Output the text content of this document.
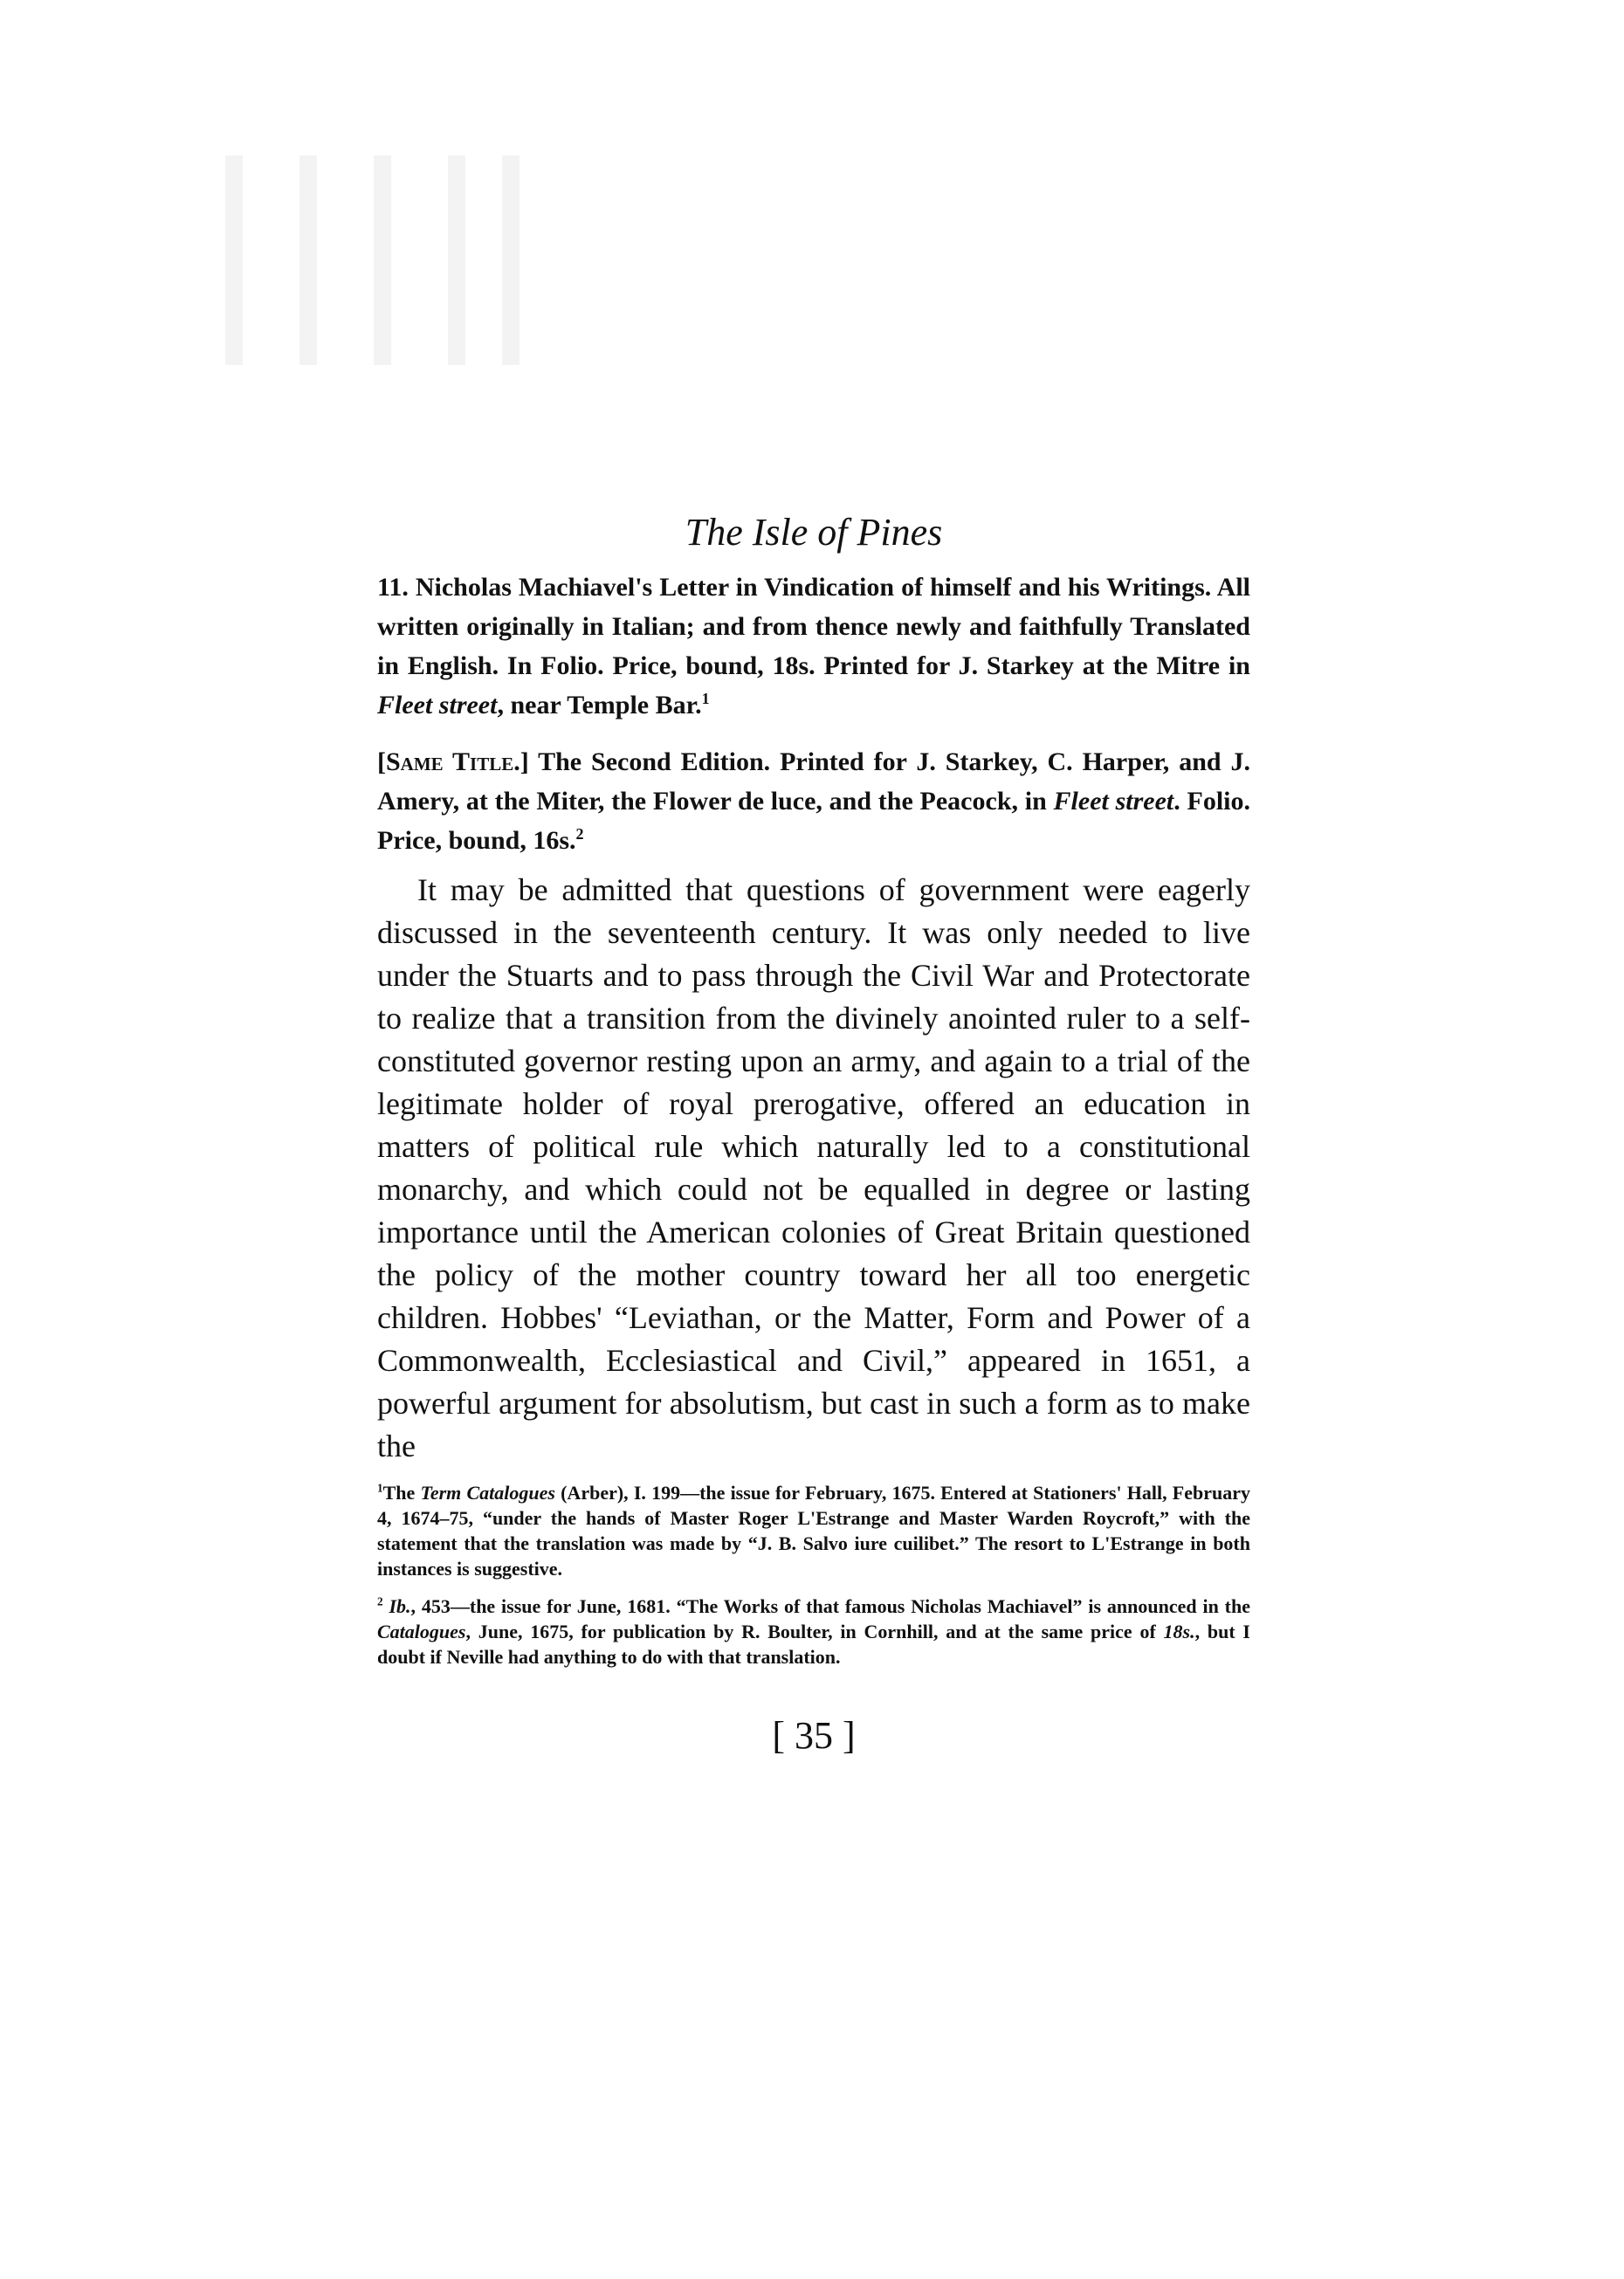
The Isle of Pines

11. Nicholas Machiavel's Letter in Vindication of himself and his Writings. All written originally in Italian; and from thence newly and faithfully Translated in English. In Folio. Price, bound, 18s. Printed for J. Starkey at the Mitre in Fleet street, near Temple Bar.$^1$

[Same Title.] The Second Edition. Printed for J. Starkey, C. Harper, and J. Amery, at the Miter, the Flower de luce, and the Peacock, in Fleet street. Folio. Price, bound, 16s.$^2$

It may be admitted that questions of government were eagerly discussed in the seventeenth century. It was only needed to live under the Stuarts and to pass through the Civil War and Protectorate to realize that a transition from the divinely anointed ruler to a self-constituted governor resting upon an army, and again to a trial of the legitimate holder of royal prerogative, offered an education in matters of political rule which naturally led to a constitutional monarchy, and which could not be equalled in degree or lasting importance until the American colonies of Great Britain questioned the policy of the mother country toward her all too energetic children. Hobbes' “Leviathan, or the Matter, Form and Power of a Commonwealth, Ecclesiastical and Civil,” appeared in 1651, a powerful argument for absolutism, but cast in such a form as to make the

$^1$The Term Catalogues (Arber), I. 199—the issue for February, 1675. Entered at Stationers' Hall, February 4, 1674–75, “under the hands of Master Roger L'Estrange and Master Warden Roycroft,” with the statement that the translation was made by “J. B. Salvo iure cuilibet.” The resort to L'Estrange in both instances is suggestive.

$^2$ Ib., 453—the issue for June, 1681. “The Works of that famous Nicholas Machiavel” is announced in the Catalogues, June, 1675, for publication by R. Boulter, in Cornhill, and at the same price of 18s., but I doubt if Neville had anything to do with that translation.

[ 35 ]
